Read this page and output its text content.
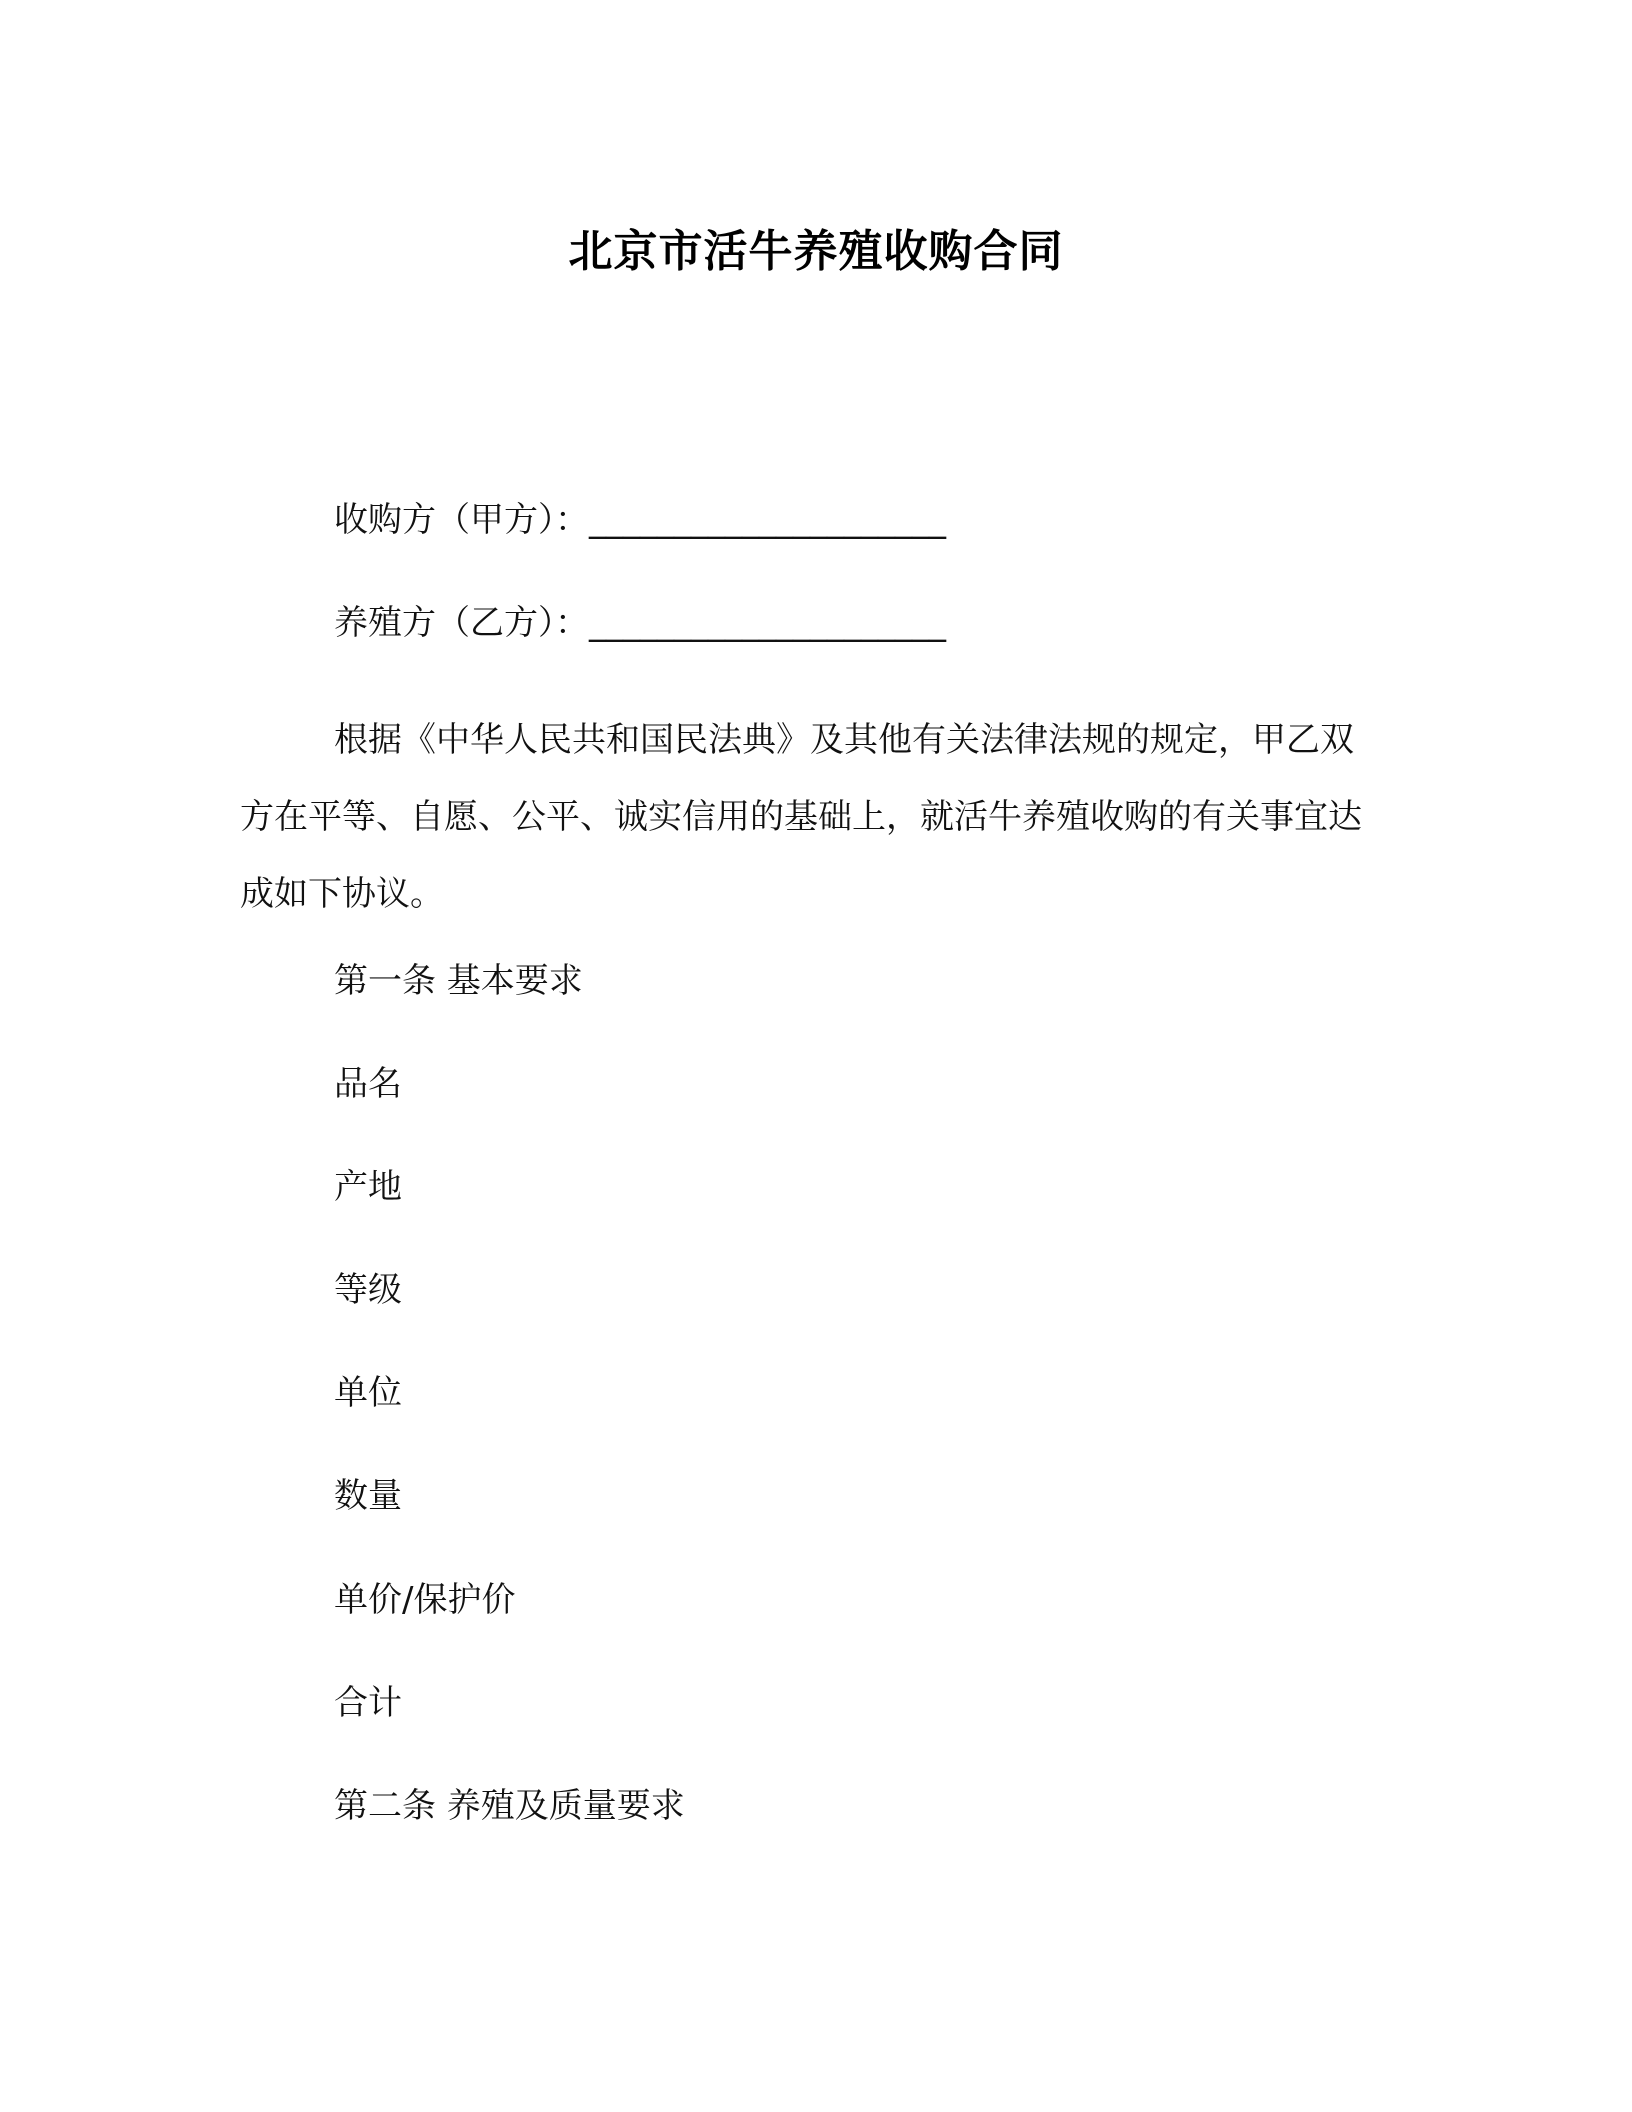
北京市活牛养殖收购合同
收购方（甲方）：_____________________
养殖方（乙方）：_____________________
根据《中华人民共和国民法典》及其他有关法律法规的规定，甲乙双方在平等、自愿、公平、诚实信用的基础上，就活牛养殖收购的有关事宜达成如下协议。
第一条 基本要求
品名
产地
等级
单位
数量
单价/保护价
合计
第二条 养殖及质量要求
